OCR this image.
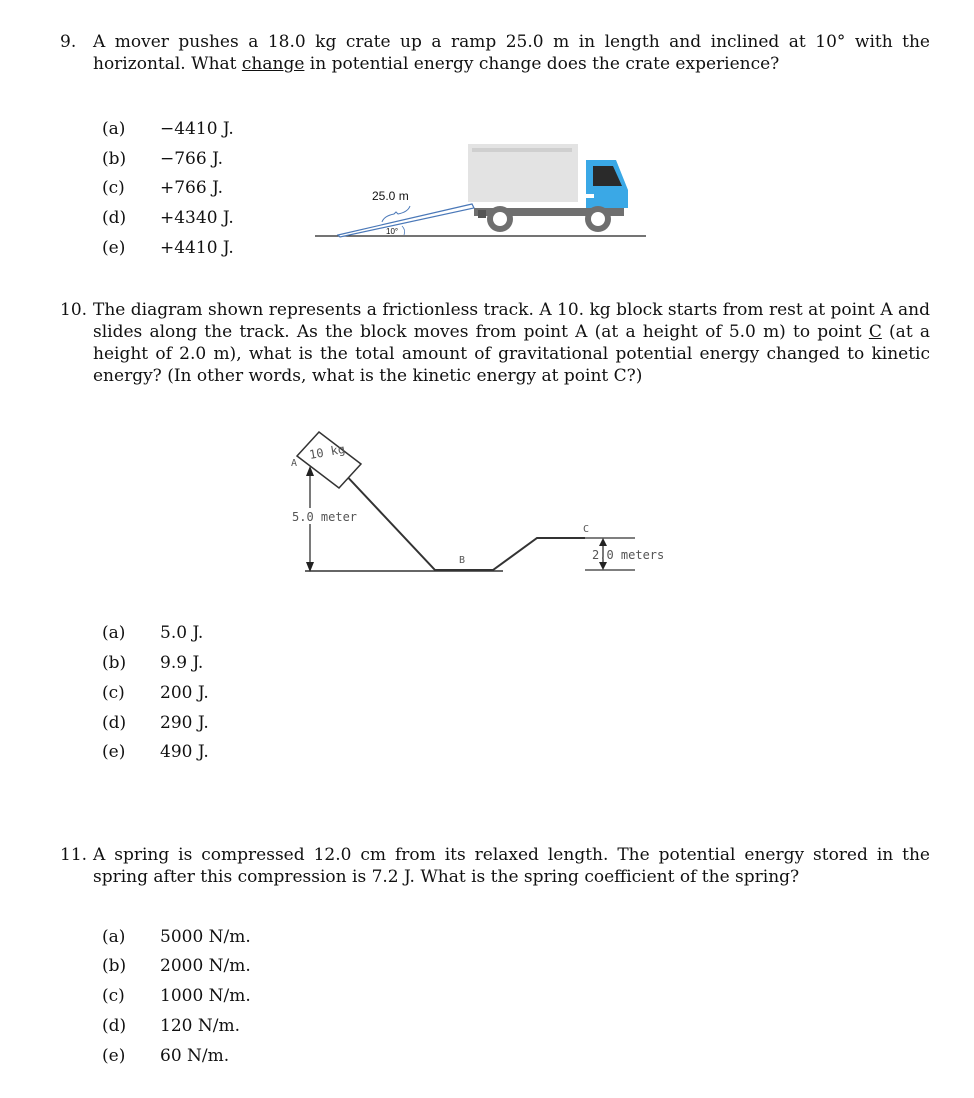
9. A mover pushes a 18.0 kg crate up a ramp 25.0 m in length and inclined at 10° with the horizontal. What change in potential energy change does the crate experience?
(a) −4410 J.
(b) −766 J.
(c) +766 J.
(d) +4340 J.
(e) +4410 J.
25.0 m
10°
10. The diagram shown represents a frictionless track. A 10. kg block starts from rest at point A and slides along the track. As the block moves from point A (at a height of 5.0 m) to point C (at a height of 2.0 m), what is the total amount of gravitational potential energy changed to kinetic energy? (In other words, what is the kinetic energy at point C?)
10 kg
A
5.0 meter
B
C
2.0 meters
(a) 5.0 J.
(b) 9.9 J.
(c) 200 J.
(d) 290 J.
(e) 490 J.
11. A spring is compressed 12.0 cm from its relaxed length. The potential energy stored in the spring after this compression is 7.2 J. What is the spring coefficient of the spring?
(a) 5000 N/m.
(b) 2000 N/m.
(c) 1000 N/m.
(d) 120 N/m.
(e) 60 N/m.
